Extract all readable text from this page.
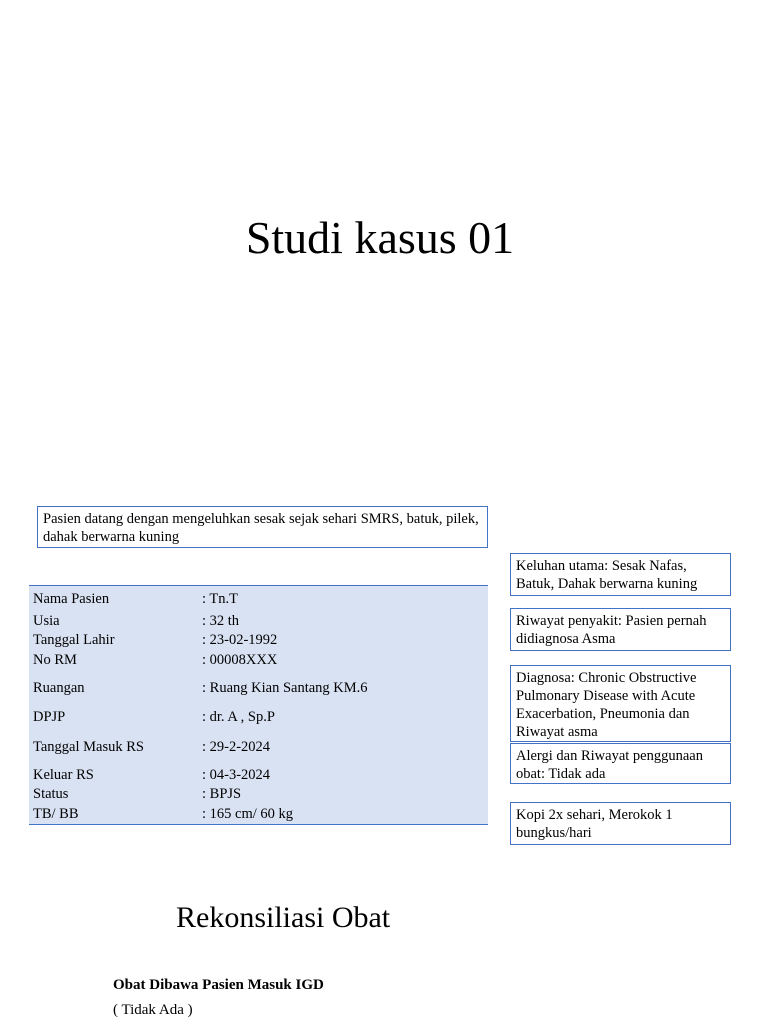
Studi kasus 01
Pasien datang dengan mengeluhkan sesak sejak sehari SMRS, batuk, pilek, dahak berwarna kuning
Nama Pasien	: Tn.T
Usia	: 32 th
Tanggal Lahir	: 23-02-1992
No RM	: 00008XXX
Ruangan	: Ruang Kian Santang KM.6
DPJP	: dr. A , Sp.P
Tanggal Masuk RS	: 29-2-2024
Keluar RS	: 04-3-2024
Status	: BPJS
TB/ BB	: 165 cm/ 60 kg
Keluhan utama: Sesak Nafas, Batuk, Dahak berwarna kuning
Riwayat penyakit: Pasien pernah didiagnosa Asma
Diagnosa: Chronic Obstructive Pulmonary Disease with Acute Exacerbation, Pneumonia dan Riwayat asma
Alergi dan Riwayat penggunaan obat: Tidak ada
Kopi 2x sehari, Merokok 1 bungkus/hari
Rekonsiliasi Obat
Obat Dibawa Pasien Masuk IGD
( Tidak Ada )
